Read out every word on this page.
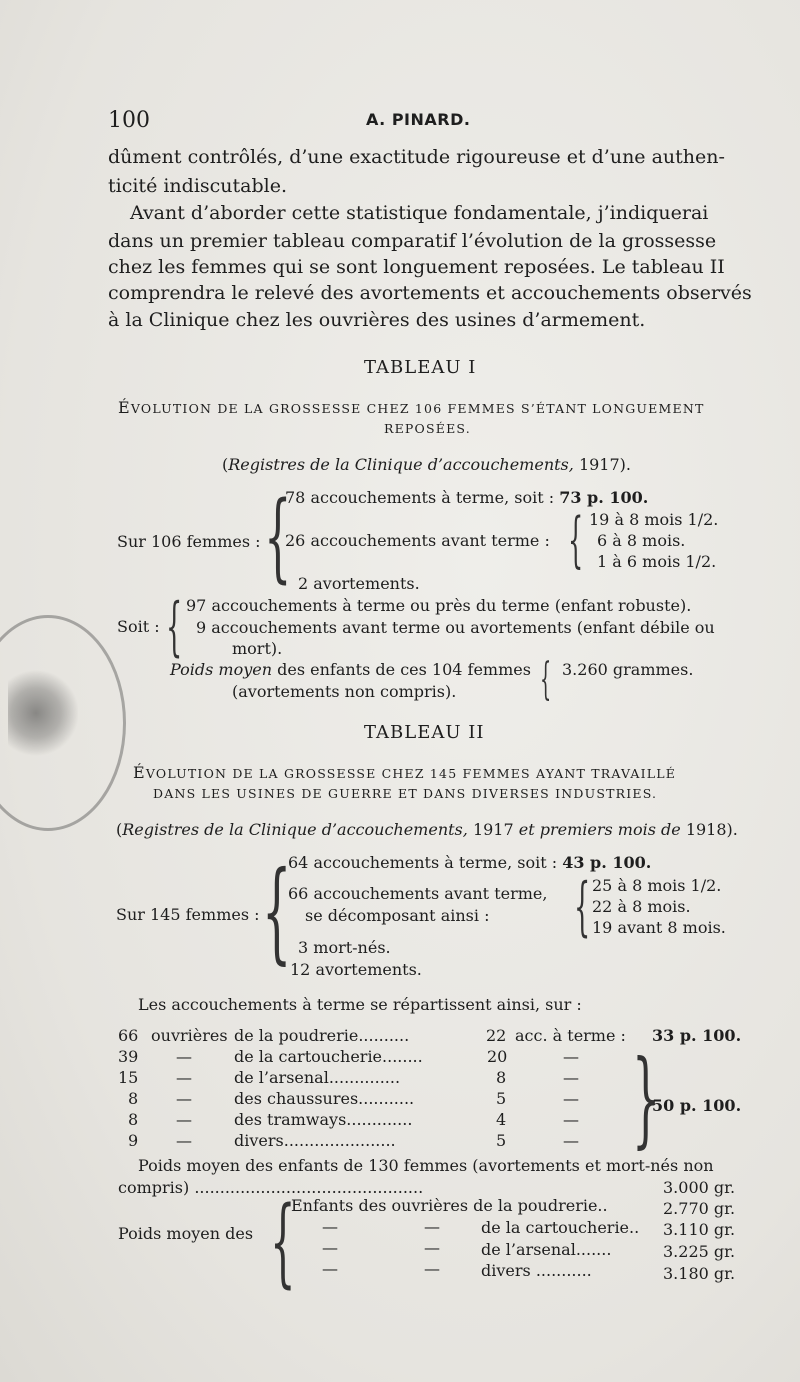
100	A. PINARD.
dûment contrôlés, d’une exactitude rigoureuse et d’une authen-
ticité indiscutable.
Avant d’aborder cette statistique fondamentale, j’indiquerai
dans un premier tableau comparatif l’évolution de la grossesse
chez les femmes qui se sont longuement reposées. Le tableau II
comprendra le relevé des avortements et accouchements observés
à la Clinique chez les ouvrières des usines d’armement.
TABLEAU I
ÉVOLUTION DE LA GROSSESSE CHEZ 106 FEMMES S’ÉTANT LONGUEMENT
REPOSÉES.
(Registres de la Clinique d’accouchements, 1917).
Sur 106 femmes : {
78 accouchements à terme, soit : 73 p. 100.
26 accouchements avant terme : { 19 à 8 mois 1/2.
6 à 8 mois.
1 à 6 mois 1/2.
2 avortements.
Soit : { 97 accouchements à terme ou près du terme (enfant robuste).
9 accouchements avant terme ou avortements (enfant débile ou
mort).
Poids moyen des enfants de ces 104 femmes { 3.260 grammes.
(avortements non compris).
TABLEAU II
ÉVOLUTION DE LA GROSSESSE CHEZ 145 FEMMES AYANT TRAVAILLÉ
DANS LES USINES DE GUERRE ET DANS DIVERSES INDUSTRIES.
(Registres de la Clinique d’accouchements, 1917 et premiers mois de 1918).
Sur 145 femmes : {
64 accouchements à terme, soit : 43 p. 100.
66 accouchements avant terme,
se décomposant ainsi : { 25 à 8 mois 1/2.
22 à 8 mois.
19 avant 8 mois.
3 mort-nés.
12 avortements.
Les accouchements à terme se répartissent ainsi, sur :
66 ouvrières de la poudrerie..........	22 acc. à terme : 33 p. 100.
39 —	de la cartoucherie........	20	—
15 —	de l’arsenal..............	8	—
8 —	des chaussures...........	5	—
8 —	des tramways.............	4	—
9 —	divers......................	5	— }
50 p. 100.
Poids moyen des enfants de 130 femmes (avortements et mort-nés non
compris) .............................................	3.000 gr.
Poids moyen des {
Enfants des ouvrières de la poudrerie..	2.770 gr.
—	—	de la cartoucherie.. 3.110 gr.
—	—	de l’arsenal.......	3.225 gr.
—	—	divers ...........	3.180 gr.
